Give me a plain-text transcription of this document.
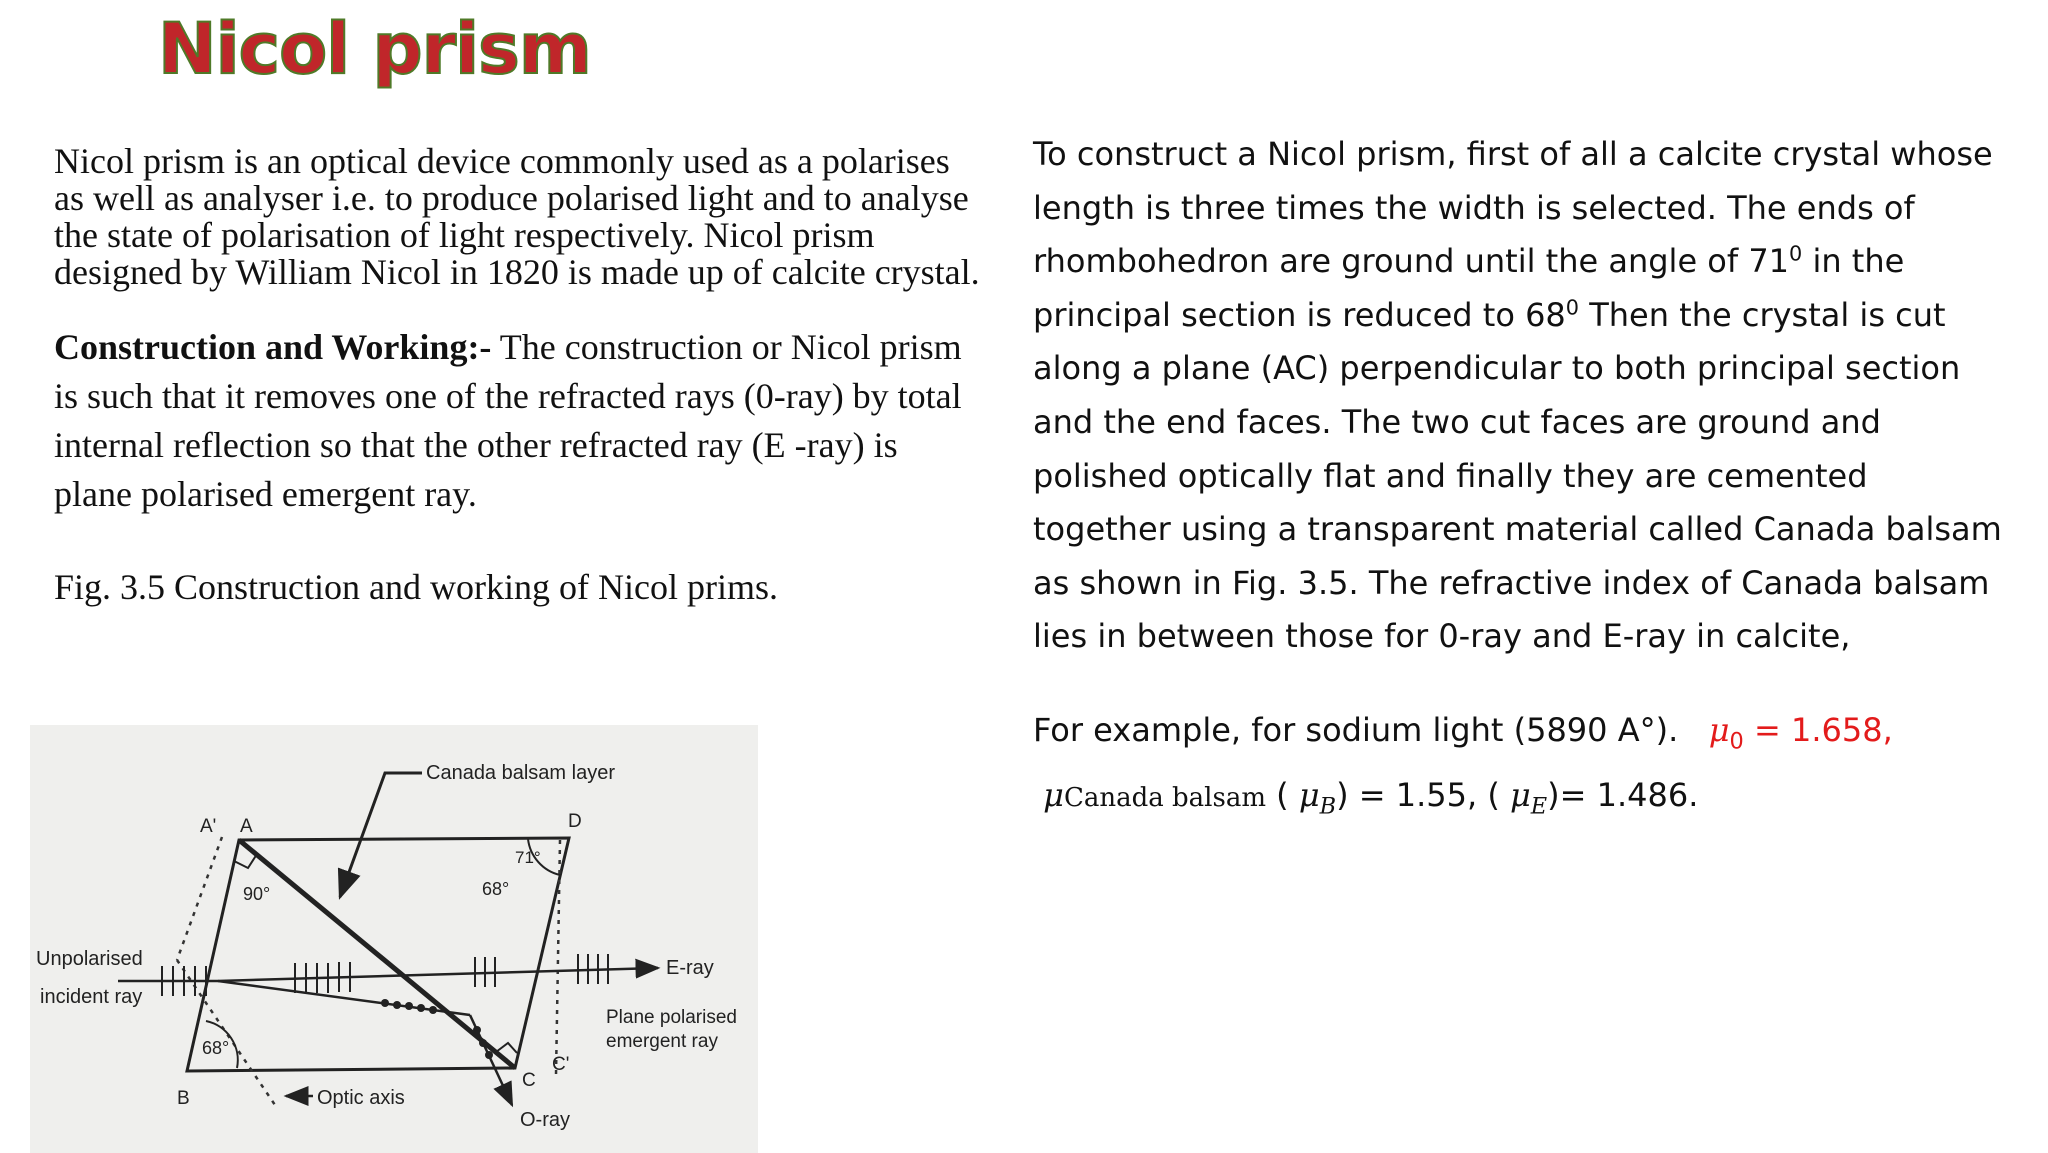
Nicol prism

Nicol prism is an optical device commonly used as a polarises as well as analyser i.e. to produce polarised light and to analyse the state of polarisation of light respectively. Nicol prism designed by William Nicol in 1820 is made up of calcite crystal.

Construction and Working:- The construction or Nicol prism is such that it removes one of the refracted rays (0-ray) by total internal reflection so that the other refracted ray (E -ray) is plane polarised emergent ray.

Fig. 3.5 Construction and working of Nicol prims.

To construct a Nicol prism, first of all a calcite crystal whose length is three times the width is selected. The ends of rhombohedron are ground until the angle of $71^0$ in the principal section is reduced to $68^0$ Then the crystal is cut along a plane (AC) perpendicular to both principal section and the end faces. The two cut faces are ground and polished optically flat and finally they are cemented together using a transparent material called Canada balsam as shown in Fig. 3.5. The refractive index of Canada balsam lies in between those for 0-ray and E-ray in calcite,

For example, for sodium light (5890 A°). $\mu_0 = 1.658$,
μCanada balsam ( $\mu_B) = 1.55$, ( $\mu_E)= 1.486$.

Canada balsam layer
A' A	D
B
C
C'
90°	68°
71°
68°
Unpolarised
incident ray
E-ray
Plane polarised
emergent ray
Optic axis
O-ray
